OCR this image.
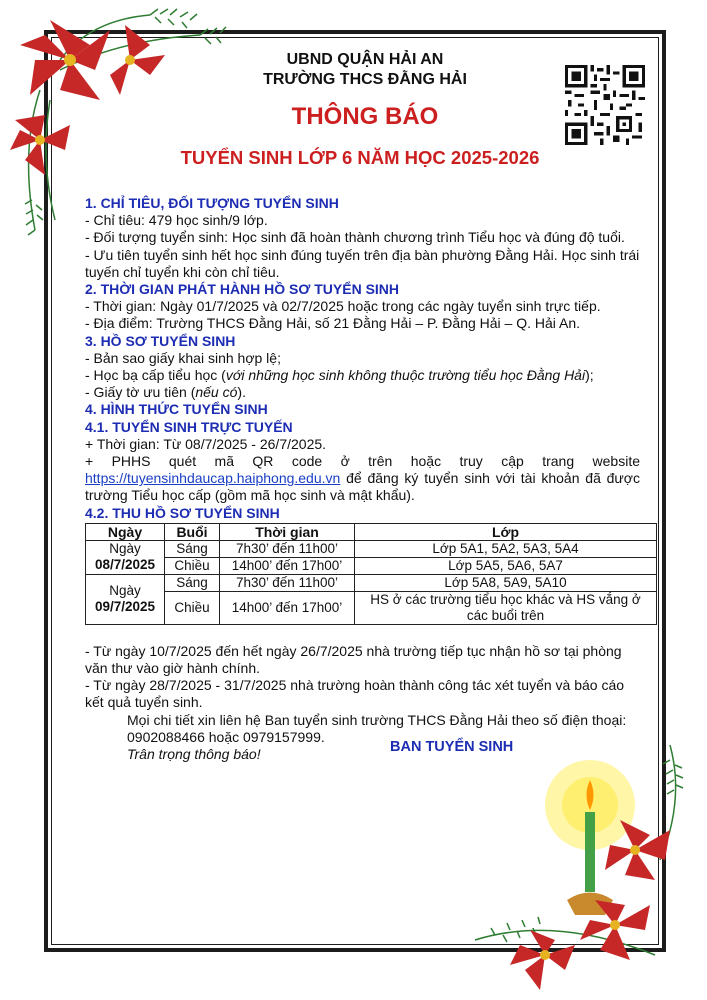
UBND QUẬN HẢI AN
TRƯỜNG THCS ĐẰNG HẢI
THÔNG BÁO
TUYỂN SINH LỚP 6 NĂM HỌC 2025-2026
1. CHỈ TIÊU, ĐỐI TƯỢNG TUYỂN SINH

- Chỉ tiêu: 479 học sinh/9 lớp.

- Đối tượng tuyển sinh: Học sinh đã hoàn thành chương trình Tiểu học và đúng độ tuổi.

- Ưu tiên tuyển sinh hết học sinh đúng tuyến trên địa bàn phường Đằng Hải. Học sinh trái tuyến chỉ tuyển khi còn chỉ tiêu.

2. THỜI GIAN PHÁT HÀNH HỒ SƠ TUYỂN SINH

- Thời gian: Ngày 01/7/2025 và 02/7/2025 hoặc trong các ngày tuyển sinh trực tiếp.

- Địa điểm: Trường THCS Đằng Hải, số 21 Đằng Hải – P. Đằng Hải – Q. Hải An.

3. HỒ SƠ TUYỂN SINH

- Bản sao giấy khai sinh hợp lệ;

- Học bạ cấp tiểu học (với những học sinh không thuộc trường tiểu học Đằng Hải);

- Giấy tờ ưu tiên (nếu có).

4. HÌNH THỨC TUYỂN SINH
4.1. TUYỂN SINH TRỰC TUYẾN

+ Thời gian: Từ 08/7/2025 - 26/7/2025.

+ PHHS quét mã QR code ở trên hoặc truy cập trang website https://tuyensinhdaucap.haiphong.edu.vn để đăng ký tuyển sinh với tài khoản đã được trường Tiểu học cấp (gồm mã học sinh và mật khẩu).

4.2. THU HỒ SƠ TUYỂN SINH
Ngày	Buổi	Thời gian	Lớp

Ngày
08/7/2025	Sáng	7h30’ đến 11h00’	Lớp 5A1, 5A2, 5A3, 5A4
	Chiều	14h00’ đến 17h00’	Lớp 5A5, 5A6, 5A7

Ngày
09/7/2025	Sáng	7h30’ đến 11h00’	Lớp 5A8, 5A9, 5A10
	Chiều	14h00’ đến 17h00’	HS ở các trường tiểu học khác và HS vắng ở các buổi trên

- Từ ngày 10/7/2025 đến hết ngày 26/7/2025 nhà trường tiếp tục nhận hồ sơ tại phòng văn thư vào giờ hành chính.

- Từ ngày 28/7/2025 - 31/7/2025 nhà trường hoàn thành công tác xét tuyển và báo cáo kết quả tuyển sinh.

Mọi chi tiết xin liên hệ Ban tuyển sinh trường THCS Đằng Hải theo số điện thoại: 0902088466 hoặc 0979157999.

Trân trọng thông báo!	BAN TUYỂN SINH
